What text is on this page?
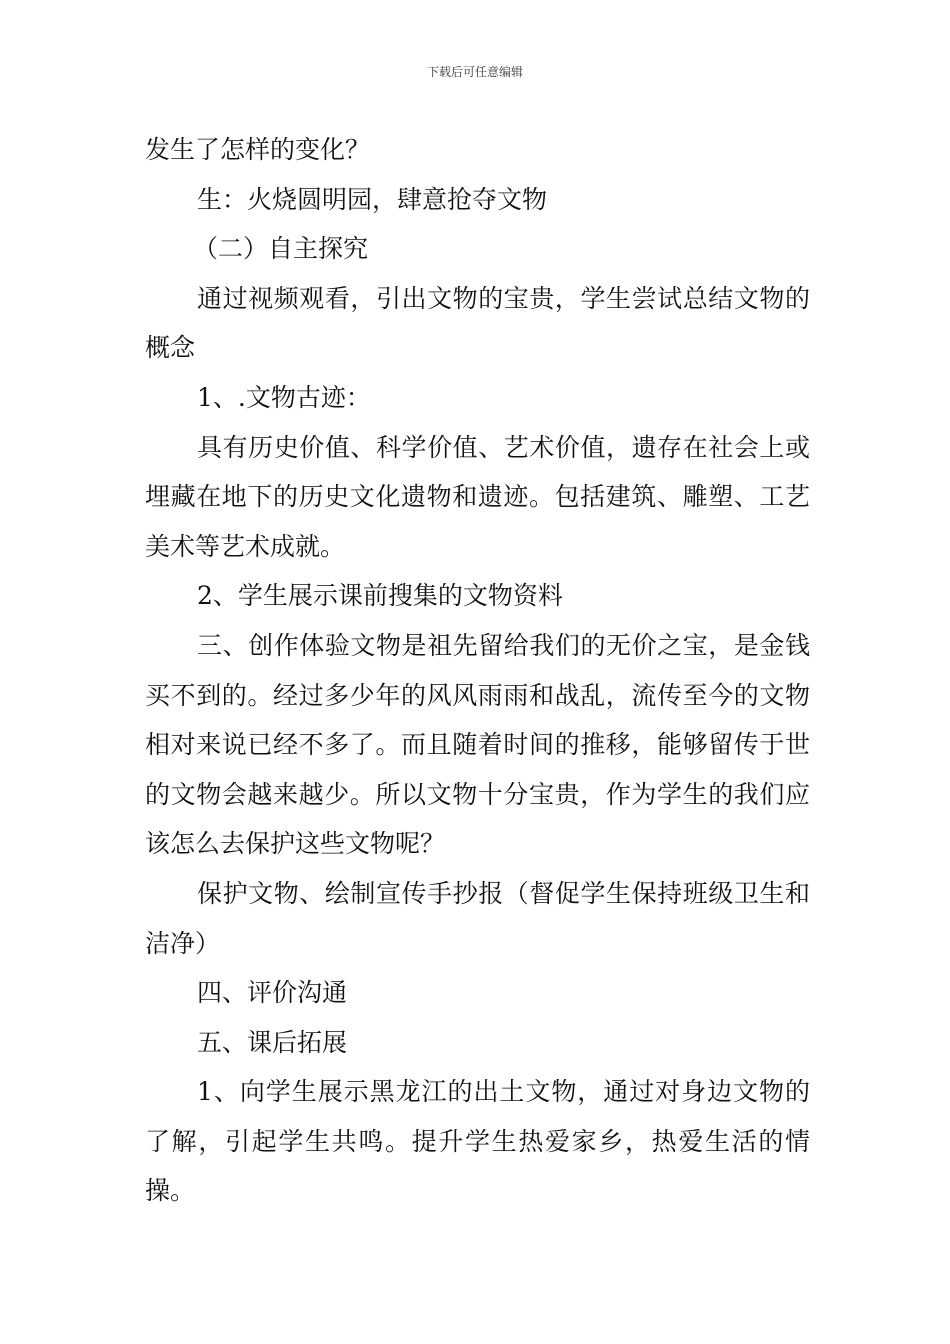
下载后可任意编辑

发生了怎样的变化？

生：火烧圆明园，肆意抢夺文物

（二）自主探究

通过视频观看，引出文物的宝贵，学生尝试总结文物的概念

1、.文物古迹：

具有历史价值、科学价值、艺术价值，遗存在社会上或埋藏在地下的历史文化遗物和遗迹。包括建筑、雕塑、工艺美术等艺术成就。

2、学生展示课前搜集的文物资料

三、创作体验文物是祖先留给我们的无价之宝，是金钱买不到的。经过多少年的风风雨雨和战乱，流传至今的文物相对来说已经不多了。而且随着时间的推移，能够留传于世的文物会越来越少。所以文物十分宝贵，作为学生的我们应该怎么去保护这些文物呢？

保护文物、绘制宣传手抄报（督促学生保持班级卫生和洁净）

四、评价沟通

五、课后拓展

1、向学生展示黑龙江的出土文物，通过对身边文物的了解，引起学生共鸣。提升学生热爱家乡，热爱生活的情操。
